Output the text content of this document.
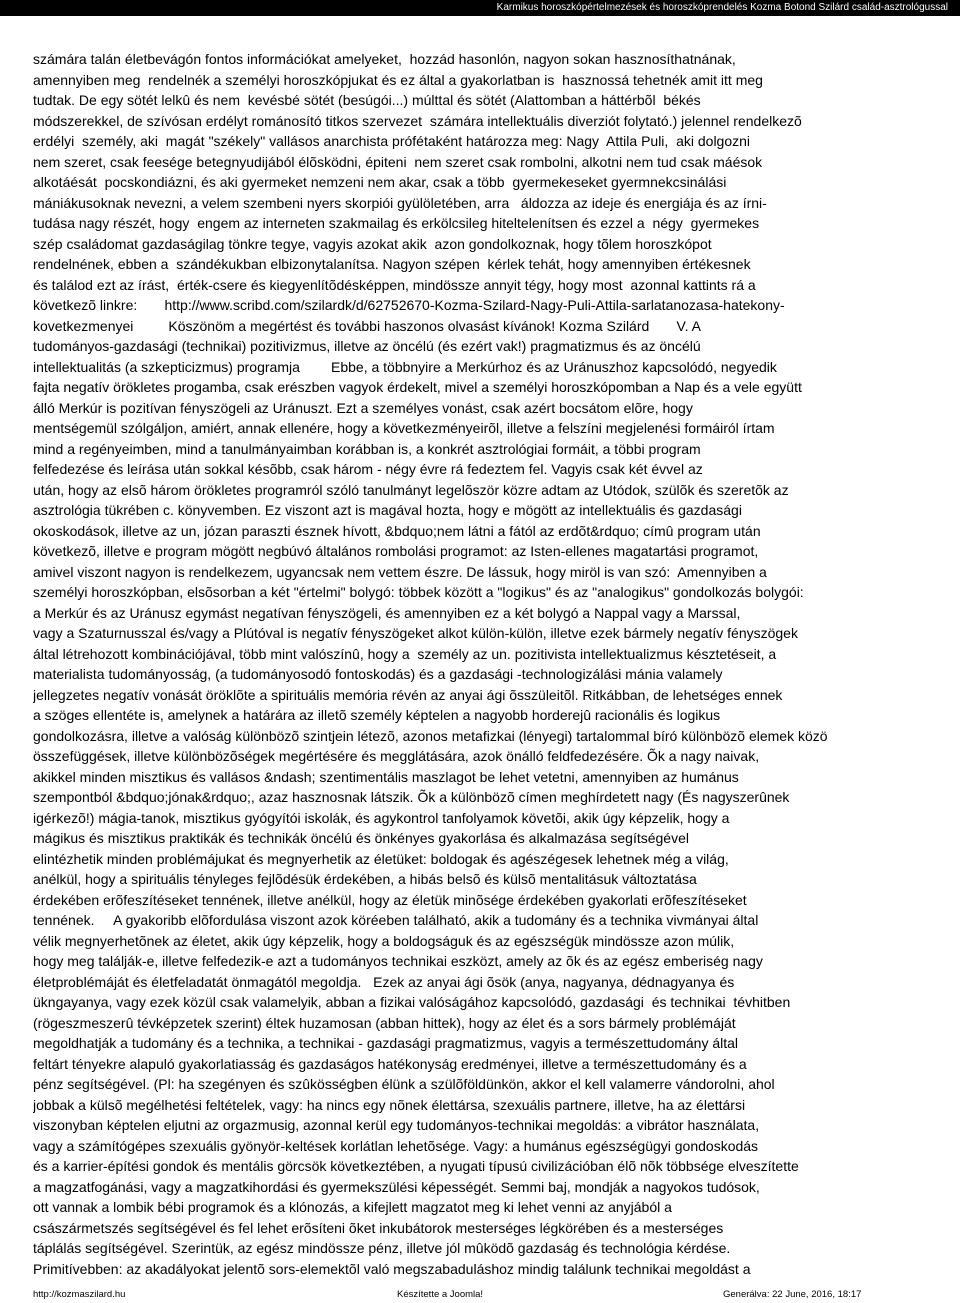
Karmikus horoszkópértelmezések és horoszkóprendelés Kozma Botond Szilárd család-asztrológussal
számára talán életbevágón fontos információkat amelyeket,  hozzád hasonlón, nagyon sokan hasznosíthatnának,
amennyiben meg  rendelnék a személyi horoszkópjukat és ez által a gyakorlatban is  hasznossá tehetnék amit itt meg
tudtak. De egy sötét lelkû és nem  kevésbé sötét (besúgói...) múlttal és sötét (Alattomban a háttérbõl  békés
módszerekkel, de szívósan erdélyt románosító titkos szervezet  számára intellektuális diverziót folytató.) jelennel rendelkezõ
erdélyi  személy, aki  magát "székely" vallásos anarchista prófétaként határozza meg: Nagy  Attila Puli,  aki dolgozni
nem szeret, csak feesége betegnyudijából élõsködni, épiteni  nem szeret csak rombolni, alkotni nem tud csak máésok
alkotáésát  pocskondiázni, és aki gyermeket nemzeni nem akar, csak a több  gyermekeseket gyermnekcsinálási
mániákusoknak nevezni, a velem szembeni nyers skorpiói gyülöletében, arra   áldozza az ideje és energiája és az írni-
tudása nagy részét, hogy  engem az interneten szakmailag és erkölcsileg hiteltelenítsen és ezzel a  négy  gyermekes
szép családomat gazdaságilag tönkre tegye, vagyis azokat akik  azon gondolkoznak, hogy tõlem horoszkópot
rendelnének, ebben a  szándékukban elbizonytalanítsa. Nagyon szépen  kérlek tehát, hogy amennyiben értékesnek
és találod ezt az írást,  érték-csere és kiegyenlítõdésképpen, mindössze annyit tégy, hogy most  azonnal kattints rá a
következõ linkre:       http://www.scribd.com/szilardk/d/62752670-Kozma-Szilard-Nagy-Puli-Attila-sarlatanozasa-hatekony-
kovetkezmenyei         Köszönöm a megértést és további haszonos olvasást kívánok! Kozma Szilárd       V. A
tudományos-gazdasági (technikai) pozitivizmus, illetve az öncélú (és ezért vak!) pragmatizmus és az öncélú
intellektualitás (a szkepticizmus) programja        Ebbe, a többnyire a Merkúrhoz és az Uránuszhoz kapcsolódó, negyedik
fajta negatív örökletes progamba, csak erészben vagyok érdekelt, mivel a személyi horoszkópomban a Nap és a vele együtt
álló Merkúr is pozitívan fényszögeli az Uránuszt. Ezt a személyes vonást, csak azért bocsátom elõre, hogy
mentségemül szólgáljon, amiért, annak ellenére, hogy a következményeirõl, illetve a felszíni megjelenési formáiról írtam
mind a regényeimben, mind a tanulmányaimban korábban is, a konkrét asztrológiai formáit, a többi program
felfedezése és leírása után sokkal késõbb, csak három - négy évre rá fedeztem fel. Vagyis csak két évvel az
után, hogy az elsõ három örökletes programról szóló tanulmányt legelõször közre adtam az Utódok, szülõk és szeretõk az
asztrológia tükrében c. könyvemben. Ez viszont azt is magával hozta, hogy e mögött az intellektuális és gazdasági
okoskodások, illetve az un, józan paraszti észnek hívott, &bdquo;nem látni a fától az erdõt&rdquo; címû program után
következõ, illetve e program mögött negbúvó általános rombolási programot: az Isten-ellenes magatartási programot,
amivel viszont nagyon is rendelkezem, ugyancsak nem vettem észre. De lássuk, hogy miröl is van szó:  Amennyiben a
személyi horoszkópban, elsõsorban a két "értelmi" bolygó: többek között a "logikus" és az "analogikus" gondolkozás bolygói:
a Merkúr és az Uránusz egymást negatívan fényszögeli, és amennyiben ez a két bolygó a Nappal vagy a Marssal,
vagy a Szaturnusszal és/vagy a Plútóval is negatív fényszögeket alkot külön-külön, illetve ezek bármely negatív fényszögek
által létrehozott kombinációjával, több mint valószínû, hogy a  személy az un. pozitivista intellektualizmus késztetéseit, a
materialista tudományosság, (a tudományosodó fontoskodás) és a gazdasági -technologizálási mánia valamely
jellegzetes negatív vonását öröklõte a spirituális memória révén az anyai ági õsszüleitõl. Ritkábban, de lehetséges ennek
a szöges ellentéte is, amelynek a határára az illetõ személy képtelen a nagyobb horderejû racionális és logikus
gondolkozásra, illetve a valóság különbözõ szintjein létezõ, azonos metafizkai (lényegi) tartalommal bíró különbözõ elemek közö
összefüggések, illetve különbözõségek megértésére és megglátására, azok önálló feldfedezésére. Õk a nagy naivak,
akikkel minden misztikus és vallásos &ndash; szentimentális maszlagot be lehet vetetni, amennyiben az humánus
szempontból &bdquo;jónak&rdquo;, azaz hasznosnak látszik. Õk a különbözõ címen meghírdetett nagy (És nagyszerûnek
igérkezõ!) mágia-tanok, misztikus gyógyítói iskolák, és agykontrol tanfolyamok követõi, akik úgy képzelik, hogy a
mágikus és misztikus praktikák és technikák öncélú és önkényes gyakorlása és alkalmazása segítségével
elintézhetik minden problémájukat és megnyerhetik az életüket: boldogak és agészégesek lehetnek még a világ,
anélkül, hogy a spirituális tényleges fejlõdésük érdekében, a hibás belsõ és külsõ mentalitásuk változtatása
érdekében erõfeszítéseket tennének, illetve anélkül, hogy az életük minõsége érdekében gyakorlati erõfeszítéseket
tennének.     A gyakoribb elõfordulása viszont azok köréeben található, akik a tudomány és a technika vivmányai által
vélik megnyerhetõnek az életet, akik úgy képzelik, hogy a boldogságuk és az egészségük mindössze azon múlik,
hogy meg találják-e, illetve felfedezik-e azt a tudományos technikai eszközt, amely az õk és az egész emberiség nagy
életproblémáját és életfeladatát önmagától megoldja.   Ezek az anyai ági õsök (anya, nagyanya, dédnagyanya és
ükngayanya, vagy ezek közül csak valamelyik, abban a fizikai valóságához kapcsolódó, gazdasági  és technikai  tévhitben
(rögeszmeszerû tévképzetek szerint) éltek huzamosan (abban hittek), hogy az élet és a sors bármely problémáját
megoldhatják a tudomány és a technika, a technikai - gazdasági pragmatizmus, vagyis a természettudomány által
feltárt tényekre alapuló gyakorlatiasság és gazdaságos hatékonyság eredményei, illetve a természettudomány és a
pénz segítségével. (Pl: ha szegényen és szûkösségben élünk a szülõföldünkön, akkor el kell valamerre vándorolni, ahol
jobbak a külsõ megélhetési feltételek, vagy: ha nincs egy nõnek élettársa, szexuális partnere, illetve, ha az élettársi
viszonyban képtelen eljutni az orgazmusig, azonnal kerül egy tudományos-technikai megoldás: a vibrátor használata,
vagy a számítógépes szexuális gyönyör-keltések korlátlan lehetõsége. Vagy: a humánus egészségügyi gondoskodás
és a karrier-építési gondok és mentális görcsök következtében, a nyugati típusú civilizációban élõ nõk többsége elveszítette
a magzatfogánási, vagy a magzatkihordási és gyermekszülési képességét. Semmi baj, mondják a nagyokos tudósok,
ott vannak a lombik bébi programok és a klónozás, a kifejlett magzatot meg ki lehet venni az anyjából a
császármetszés segítségével és fel lehet erõsíteni õket inkubátorok mesterséges légkörében és a mesterséges
táplálás segítségével. Szerintük, az egész mindössze pénz, illetve jól mûködõ gazdaság és technológia kérdése.
Primitívebben: az akadályokat jelentõ sors-elemektõl való megszabaduláshoz mindig találunk technikai megoldást a
http://kozmaszilard.hu	Készítette a Joomla!	Generálva: 22 June, 2016, 18:17
